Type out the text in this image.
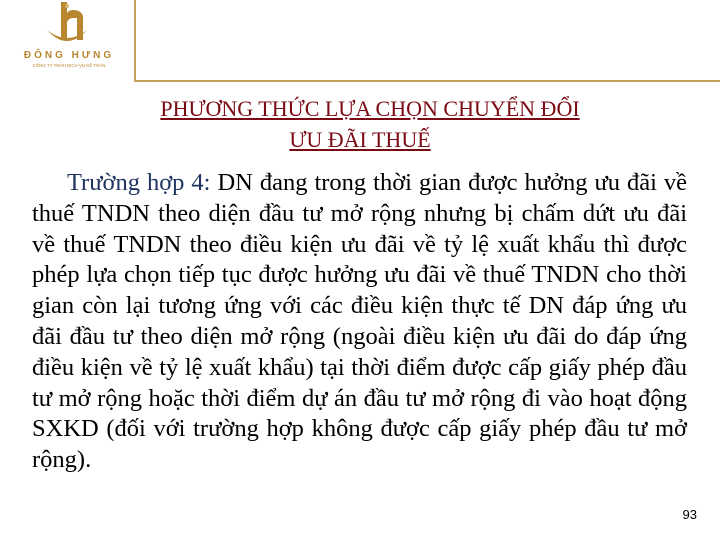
ĐÔNG HƯNG
CÔNG TY TNHH DỊCH VỤ KẾ TOÁN
PHƯƠNG THỨC LỰA CHỌN CHUYỂN ĐỔI
ƯU ĐÃI THUẾ
Trường hợp 4: DN đang trong thời gian được hưởng ưu đãi về thuế TNDN theo diện đầu tư mở rộng nhưng bị chấm dứt ưu đãi về thuế TNDN theo điều kiện ưu đãi về tỷ lệ xuất khẩu thì được phép lựa chọn tiếp tục được hưởng ưu đãi về thuế TNDN cho thời gian còn lại tương ứng với các điều kiện thực tế DN đáp ứng ưu đãi đầu tư theo diện mở rộng (ngoài điều kiện ưu đãi do đáp ứng điều kiện về tỷ lệ xuất khẩu) tại thời điểm được cấp giấy phép đầu tư mở rộng hoặc thời điểm dự án đầu tư mở rộng đi vào hoạt động SXKD (đối với trường hợp không được cấp giấy phép đầu tư mở rộng).
93
